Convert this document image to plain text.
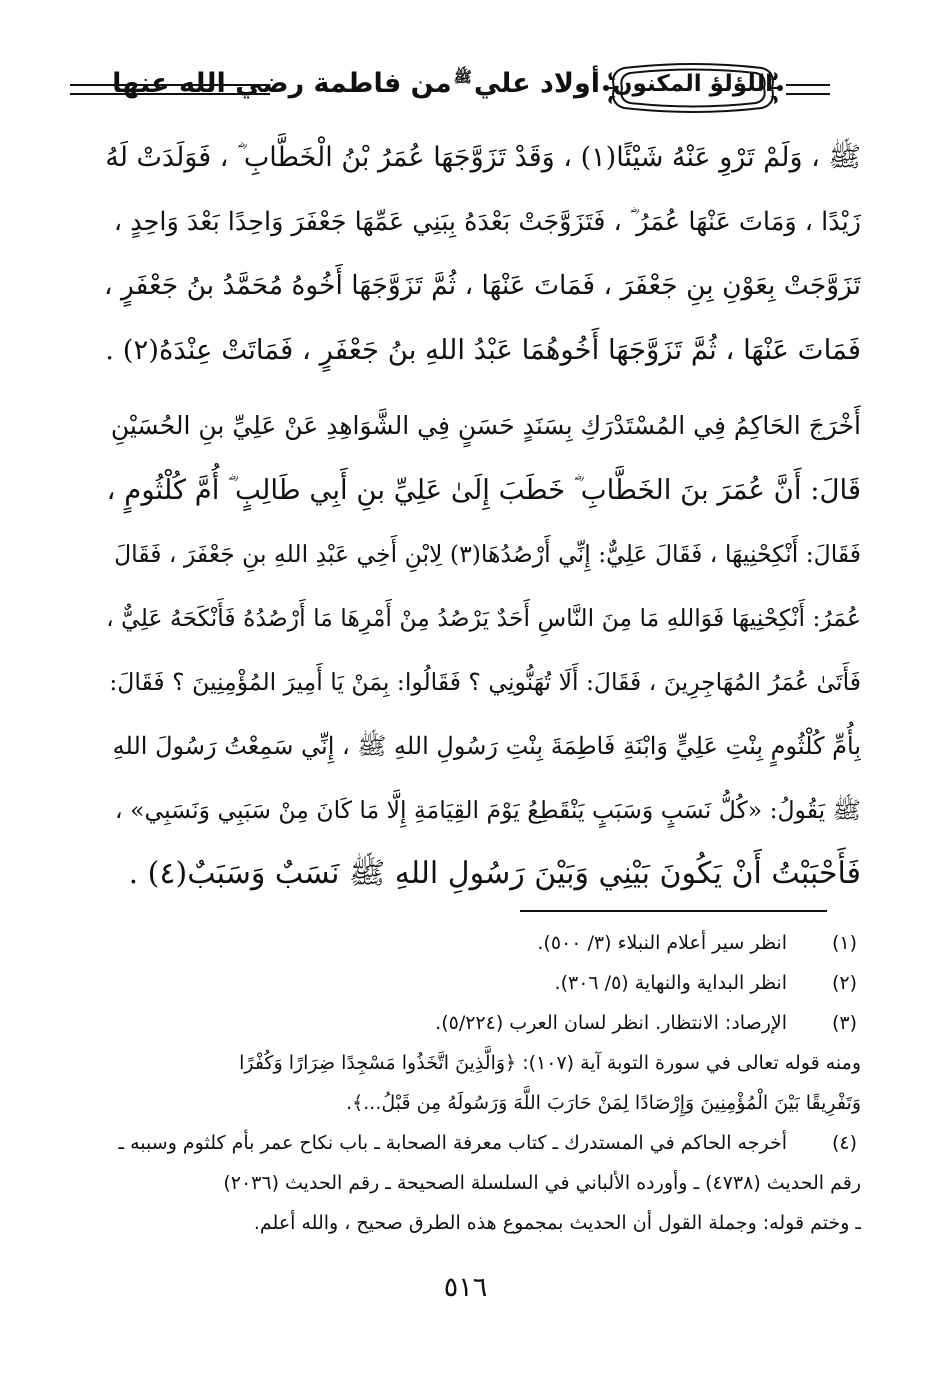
اللؤلؤ المكنون
أولاد عليﷺمن فاطمة رضي الله عنها
ﷺ ، وَلَمْ تَرْوِ عَنْهُ شَيْئًا(١) ، وَقَدْ تَزَوَّجَهَا عُمَرُ بْنُ الْخَطَّابِ ؓ ، فَوَلَدَتْ لَهُ
زَيْدًا ، وَمَاتَ عَنْهَا عُمَرُ ؓ ، فَتَزَوَّجَتْ بَعْدَهُ بِبَنِي عَمِّهَا جَعْفَرَ وَاحِدًا بَعْدَ وَاحِدٍ ،
تَزَوَّجَتْ بِعَوْنِ بِنِ جَعْفَرَ ، فَمَاتَ عَنْهَا ، ثُمَّ تَزَوَّجَهَا أَخُوهُ مُحَمَّدُ بنُ جَعْفَرٍ ،
فَمَاتَ عَنْهَا ، ثُمَّ تَزَوَّجَهَا أَخُوهُمَا عَبْدُ اللهِ بنُ جَعْفَرٍ ، فَمَاتَتْ عِنْدَهُ(٢) .
أَخْرَجَ الحَاكِمُ فِي المُسْتَدْرَكِ بِسَنَدٍ حَسَنٍ فِي الشَّوَاهِدِ عَنْ عَلِيِّ بنِ الحُسَيْنِ
قَالَ: أَنَّ عُمَرَ بنَ الخَطَّابِ ؓ خَطَبَ إِلَىٰ عَلِيِّ بنِ أَبِي طَالِبٍ ؓ أُمَّ كُلْثُومٍ ،
فَقَالَ: أَنْكِحْنِيهَا ، فَقَالَ عَلِيٌّ: إِنِّي أَرْصُدُهَا(٣) لِابْنِ أَخِي عَبْدِ اللهِ بنِ جَعْفَرَ ، فَقَالَ
عُمَرُ: أَنْكِحْنِيهَا فَوَاللهِ مَا مِنَ النَّاسِ أَحَدٌ يَرْصُدُ مِنْ أَمْرِهَا مَا أَرْصُدُهُ فَأَنْكَحَهُ عَلِيٌّ ،
فَأَتَىٰ عُمَرُ المُهَاجِرِينَ ، فَقَالَ: أَلَا تُهَنُّونِي ؟ فَقَالُوا: بِمَنْ يَا أَمِيرَ المُؤْمِنِينَ ؟ فَقَالَ:
بِأُمِّ كُلْثُومٍ بِنْتِ عَلِيٍّ وَابْنَةِ فَاطِمَةَ بِنْتِ رَسُولِ اللهِ ﷺ ، إِنِّي سَمِعْتُ رَسُولَ اللهِ
ﷺ يَقُولُ: «كُلُّ نَسَبٍ وَسَبَبٍ يَنْقَطِعُ يَوْمَ القِيَامَةِ إِلَّا مَا كَانَ مِنْ سَبَبِي وَنَسَبِي» ،
فَأَحْبَبْتُ أَنْ يَكُونَ بَيْنِي وَبَيْنَ رَسُولِ اللهِ ﷺ نَسَبٌ وَسَبَبٌ(٤) .
(١)
انظر سير أعلام النبلاء (٣/ ٥٠٠).
(٢)
انظر البداية والنهاية (٥/ ٣٠٦).
(٣)
الإرصاد: الانتظار. انظر لسان العرب (٥/٢٢٤).
ومنه قوله تعالى في سورة التوبة آية (١٠٧): ﴿وَالَّذِينَ اتَّخَذُوا مَسْجِدًا ضِرَارًا وَكُفْرًا
وَتَفْرِيقًا بَيْنَ الْمُؤْمِنِينَ وَإِرْصَادًا لِمَنْ حَارَبَ اللَّهَ وَرَسُولَهُ مِن قَبْلُ...﴾.
(٤)
أخرجه الحاكم في المستدرك ـ كتاب معرفة الصحابة ـ باب نكاح عمر بأم كلثوم وسببه ـ
رقم الحديث (٤٧٣٨) ـ وأورده الألباني في السلسلة الصحيحة ـ رقم الحديث (٢٠٣٦)
ـ وختم قوله: وجملة القول أن الحديث بمجموع هذه الطرق صحيح ، والله أعلم.
٥١٦
